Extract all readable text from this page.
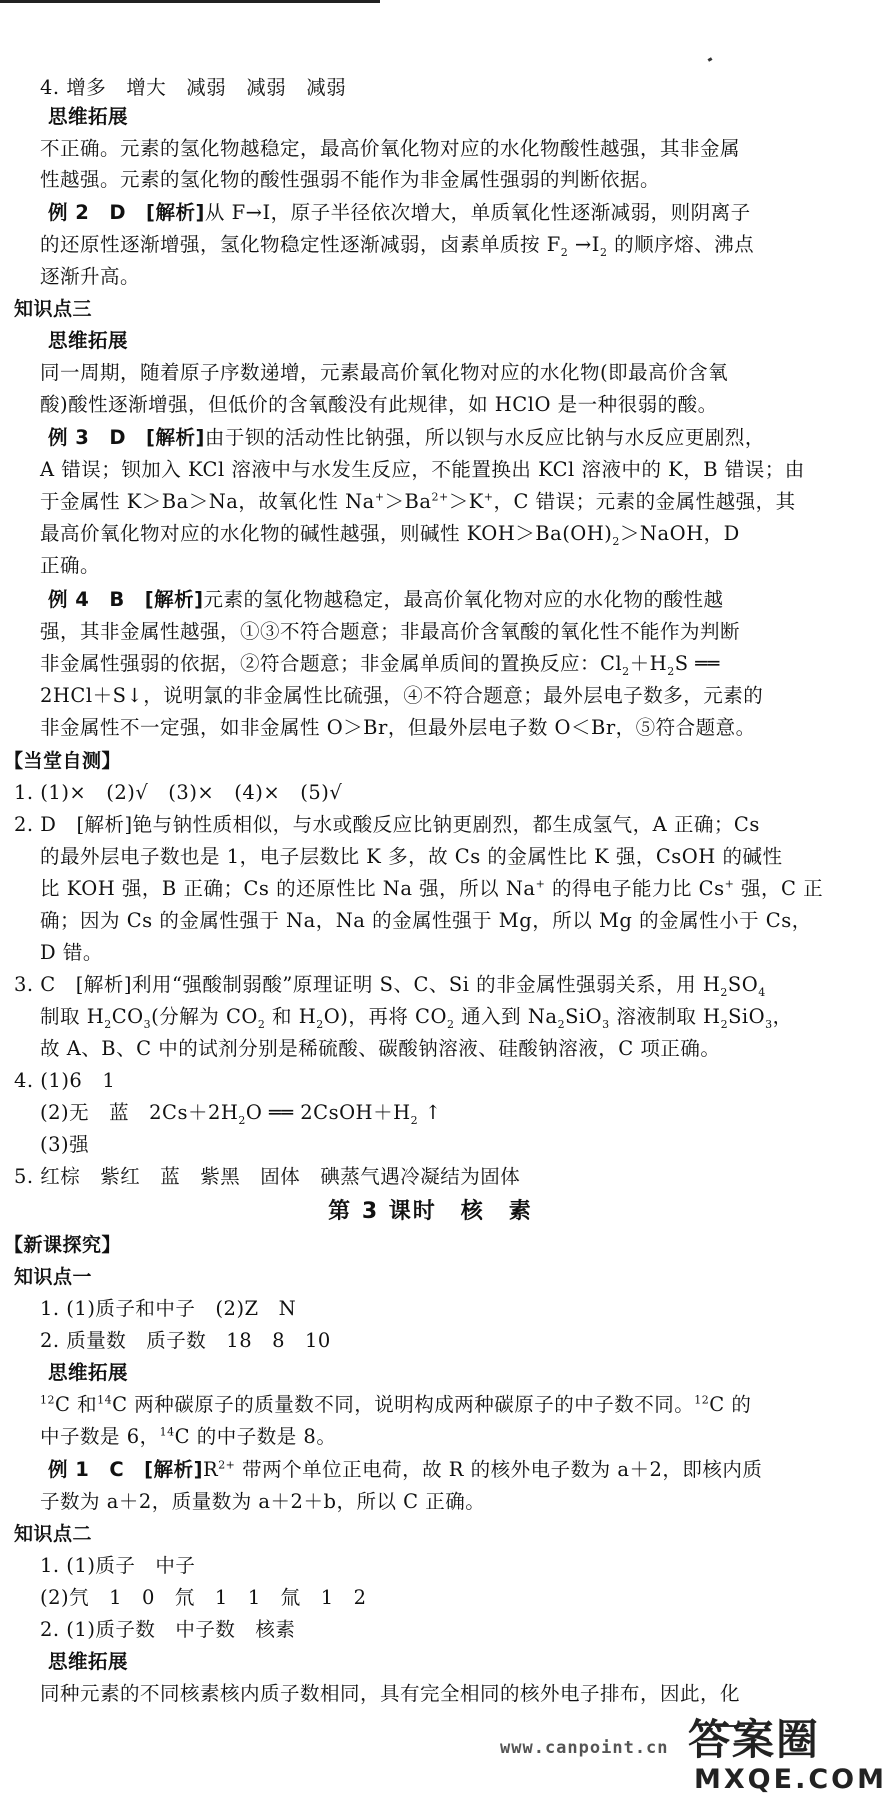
4. 增多　增大　减弱　减弱　减弱
思维拓展
不正确。元素的氢化物越稳定，最高价氧化物对应的水化物酸性越强，其非金属
性越强。元素的氢化物的酸性强弱不能作为非金属性强弱的判断依据。
例 2　D　[解析]从 F→I，原子半径依次增大，单质氧化性逐渐减弱，则阴离子
的还原性逐渐增强，氢化物稳定性逐渐减弱，卤素单质按 $F_2 \to I_2$ 的顺序熔、沸点
逐渐升高。
知识点三
思维拓展
同一周期，随着原子序数递增，元素最高价氧化物对应的水化物(即最高价含氧
酸)酸性逐渐增强，但低价的含氧酸没有此规律，如 HClO 是一种很弱的酸。
例 3　D　[解析]由于钡的活动性比钠强，所以钡与水反应比钠与水反应更剧烈，
A 错误；钡加入 KCl 溶液中与水发生反应，不能置换出 KCl 溶液中的 K，B 错误；由
于金属性 K＞Ba＞Na，故氧化性 $Na^+>Ba^{2+}>K^+$，C 错误；元素的金属性越强，其
最高价氧化物对应的水化物的碱性越强，则碱性 $KOH>Ba(OH)_2>NaOH$，D
正确。
例 4　B　[解析]元素的氢化物越稳定，最高价氧化物对应的水化物的酸性越
强，其非金属性越强，①③不符合题意；非最高价含氧酸的氧化性不能作为判断
非金属性强弱的依据，②符合题意；非金属单质间的置换反应：$Cl_2+H_2S$ ══
2HCl＋S↓，说明氯的非金属性比硫强，④不符合题意；最外层电子数多，元素的
非金属性不一定强，如非金属性 O＞Br，但最外层电子数 O＜Br，⑤符合题意。
【当堂自测】
1. (1)×　(2)√　(3)×　(4)×　(5)√
2. D　[解析]铯与钠性质相似，与水或酸反应比钠更剧烈，都生成氢气，A 正确；Cs
的最外层电子数也是 1，电子层数比 K 多，故 Cs 的金属性比 K 强，CsOH 的碱性
比 KOH 强，B 正确；Cs 的还原性比 Na 强，所以 Na+ 的得电子能力比 Cs+ 强，C 正
确；因为 Cs 的金属性强于 Na，Na 的金属性强于 Mg，所以 Mg 的金属性小于 Cs，
D 错。
3. C　[解析]利用“强酸制弱酸”原理证明 S、C、Si 的非金属性强弱关系，用 $H_2SO_4$
制取 $H_2CO_3$(分解为 $CO_2$ 和 $H_2O$)，再将 $CO_2$ 通入到 $Na_2SiO_3$ 溶液制取 $H_2SiO_3$，
故 A、B、C 中的试剂分别是稀硫酸、碳酸钠溶液、硅酸钠溶液，C 项正确。
4. (1)6　1
(2)无　蓝　$2Cs+2H_2O$ ══ $2CsOH+H_2$ ↑
(3)强
5. 红棕　紫红　蓝　紫黑　固体　碘蒸气遇冷凝结为固体
第 3 课时　核　素
【新课探究】
知识点一
1. (1)质子和中子　(2)Z　N
2. 质量数　质子数　18　8　10
思维拓展
$^{12}$C 和$^{14}$C 两种碳原子的质量数不同，说明构成两种碳原子的中子数不同。$^{12}$C 的
中子数是 6，$^{14}$C 的中子数是 8。
例 1　C　[解析]$R^{2+}$ 带两个单位正电荷，故 R 的核外电子数为 a＋2，即核内质
子数为 a＋2，质量数为 a＋2＋b，所以 C 正确。
知识点二
1. (1)质子　中子
(2)氕　1　0　氘　1　1　氚　1　2
2. (1)质子数　中子数　核素
思维拓展
同种元素的不同核素核内质子数相同，具有完全相同的核外电子排布，因此，化
www.canpoint.cn 答案圈
MXQE.COM
